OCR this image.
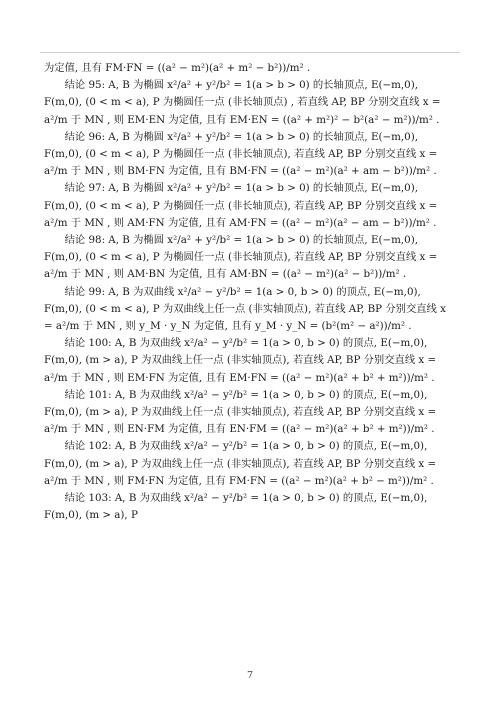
为定值, 且有 FM·FN = ((a² − m²)(a² + m² − b²))/m² .

结论 95: A, B 为椭圆 x²/a² + y²/b² = 1(a > b > 0) 的长轴顶点, E(−m,0), F(m,0), (0 < m < a), P 为椭圆任一点 (非长轴顶点) , 若直线 AP, BP 分别交直线 x = a²/m 于 MN , 则 EM·EN 为定值, 且有 EM·EN = ((a² + m²)² − b²(a² − m²))/m² .

结论 96: A, B 为椭圆 x²/a² + y²/b² = 1(a > b > 0) 的长轴顶点, E(−m,0), F(m,0), (0 < m < a), P 为椭圆任一点 (非长轴顶点), 若直线 AP, BP 分别交直线 x = a²/m 于 MN , 则 BM·FN 为定值, 且有 BM·FN = ((a² − m²)(a² + am − b²))/m² .

结论 97: A, B 为椭圆 x²/a² + y²/b² = 1(a > b > 0) 的长轴顶点, E(−m,0), F(m,0), (0 < m < a), P 为椭圆任一点 (非长轴顶点), 若直线 AP, BP 分别交直线 x = a²/m 于 MN , 则 AM·FN 为定值, 且有 AM·FN = ((a² − m²)(a² − am − b²))/m² .

结论 98: A, B 为椭圆 x²/a² + y²/b² = 1(a > b > 0) 的长轴顶点, E(−m,0), F(m,0), (0 < m < a), P 为椭圆任一点 (非长轴顶点), 若直线 AP, BP 分别交直线 x = a²/m 于 MN , 则 AM·BN 为定值, 且有 AM·BN = ((a² − m²)(a² − b²))/m² .

结论 99: A, B 为双曲线 x²/a² − y²/b² = 1(a > 0, b > 0) 的顶点, E(−m,0), F(m,0), (0 < m < a), P 为双曲线上任一点 (非实轴顶点), 若直线 AP, BP 分别交直线 x = a²/m 于 MN , 则 y_M · y_N 为定值, 且有 y_M · y_N = (b²(m² − a²))/m² .

结论 100: A, B 为双曲线 x²/a² − y²/b² = 1(a > 0, b > 0) 的顶点, E(−m,0), F(m,0), (m > a), P 为双曲线上任一点 (非实轴顶点), 若直线 AP, BP 分别交直线 x = a²/m 于 MN , 则 EM·FN 为定值, 且有 EM·FN = ((a² − m²)(a² + b² + m²))/m² .

结论 101: A, B 为双曲线 x²/a² − y²/b² = 1(a > 0, b > 0) 的顶点, E(−m,0), F(m,0), (m > a), P 为双曲线上任一点 (非实轴顶点), 若直线 AP, BP 分别交直线 x = a²/m 于 MN , 则 EN·FM 为定值, 且有 EN·FM = ((a² − m²)(a² + b² + m²))/m² .

结论 102: A, B 为双曲线 x²/a² − y²/b² = 1(a > 0, b > 0) 的顶点, E(−m,0), F(m,0), (m > a), P 为双曲线上任一点 (非实轴顶点), 若直线 AP, BP 分别交直线 x = a²/m 于 MN , 则 FM·FN 为定值, 且有 FM·FN = ((a² − m²)(a² + b² − m²))/m² .

结论 103: A, B 为双曲线 x²/a² − y²/b² = 1(a > 0, b > 0) 的顶点, E(−m,0), F(m,0), (m > a), P

7
